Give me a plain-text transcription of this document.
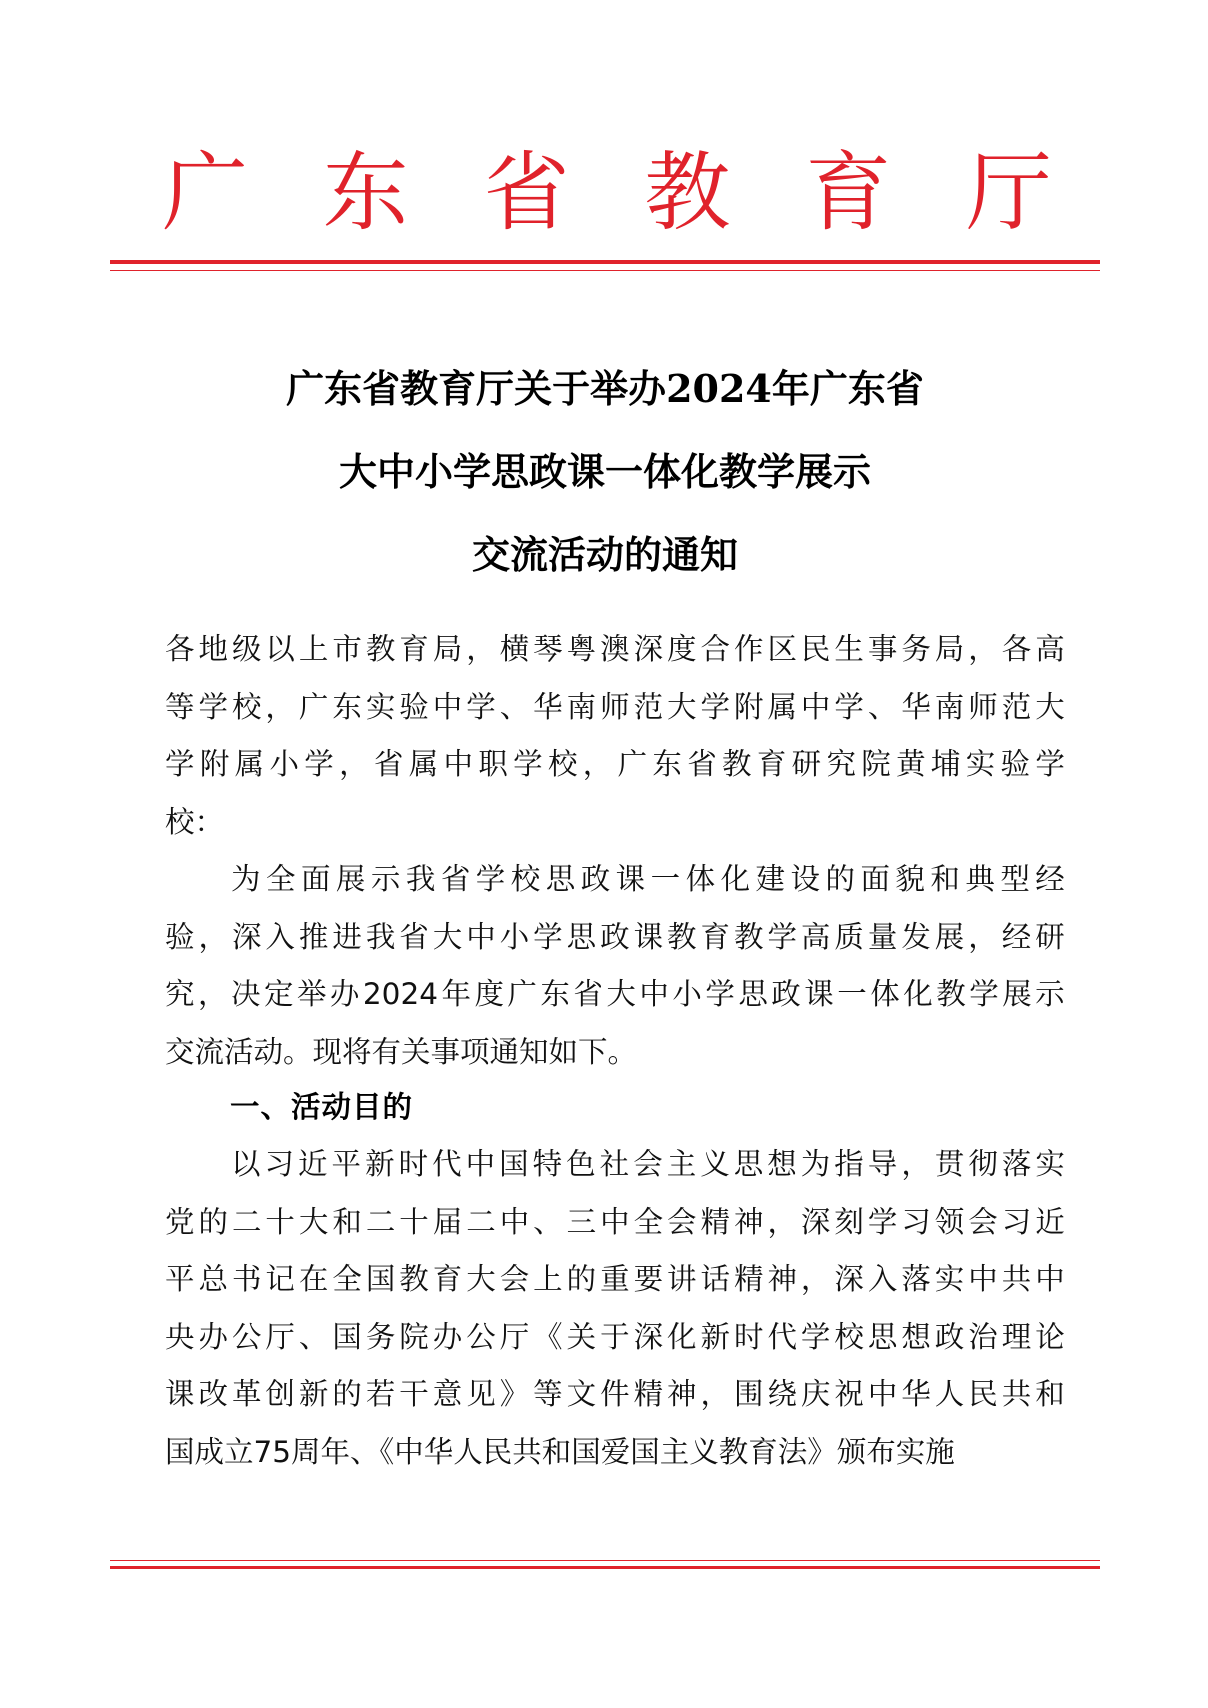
广 东 省 教 育 厅
广东省教育厅关于举办2024年广东省
大中小学思政课一体化教学展示
交流活动的通知
各 地 级 以 上 市 教 育 局 ， 横 琴 粤 澳 深 度 合 作 区 民 生 事 务 局 ， 各 高
等 学 校 ， 广 东 实 验 中 学 、 华 南 师 范 大 学 附 属 中 学 、 华 南 师 范 大
学 附 属 小 学 ， 省 属 中 职 学 校 ， 广 东 省 教 育 研 究 院 黄 埔 实 验 学
校：
为 全 面 展 示 我 省 学 校 思 政 课 一 体 化 建 设 的 面 貌 和 典 型 经
验 ， 深 入 推 进 我 省 大 中 小 学 思 政 课 教 育 教 学 高 质 量 发 展 ， 经 研
究 ， 决 定 举 办 2024 年 度 广 东 省 大 中 小 学 思 政 课 一 体 化 教 学 展 示
交流活动。现将有关事项通知如下。
一、活动目的
以 习 近 平 新 时 代 中 国 特 色 社 会 主 义 思 想 为 指 导 ， 贯 彻 落 实
党 的 二 十 大 和 二 十 届 二 中 、 三 中 全 会 精 神 ， 深 刻 学 习 领 会 习 近
平 总 书 记 在 全 国 教 育 大 会 上 的 重 要 讲 话 精 神 ， 深 入 落 实 中 共 中
央 办 公 厅 、 国 务 院 办 公 厅 《 关 于 深 化 新 时 代 学 校 思 想 政 治 理 论
课 改 革 创 新 的 若 干 意 见 》 等 文 件 精 神 ， 围 绕 庆 祝 中 华 人 民 共 和
国成立75周年、《中华人民共和国爱国主义教育法》颁布实施
